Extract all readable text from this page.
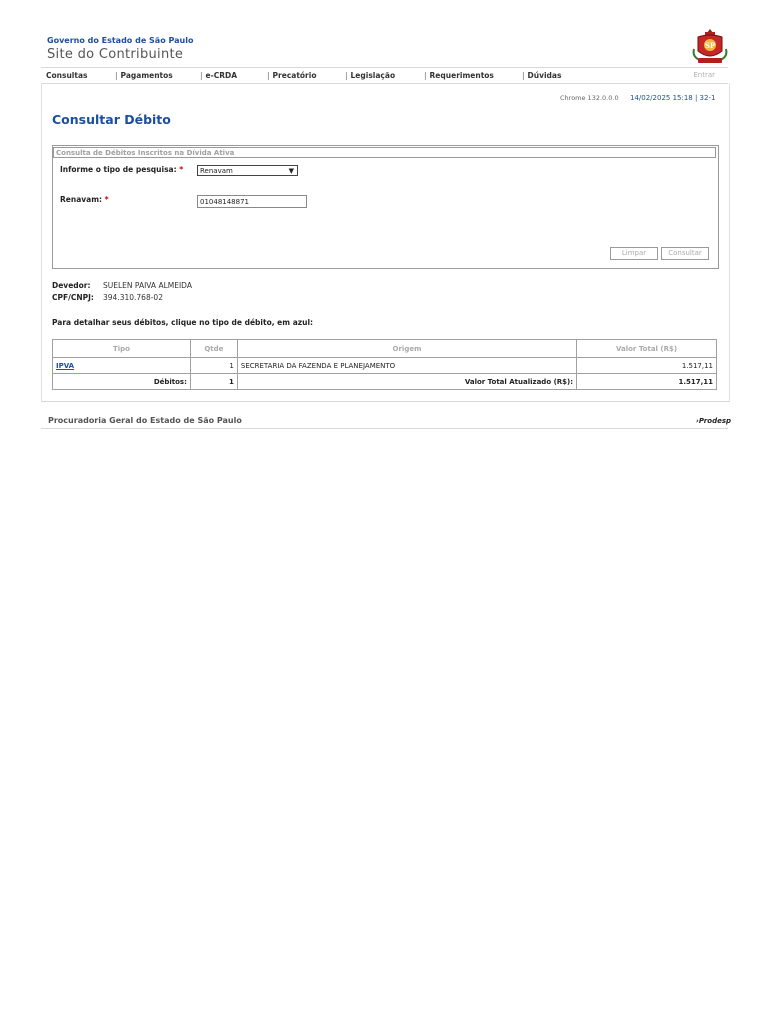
Governo do Estado de São Paulo
Site do Contribuinte
SP
Consultas	| Pagamentos	| e-CRDA	| Precatório	| Legislação	| Requerimentos	| Dúvidas	Entrar
Chrome 132.0.0.0 14/02/2025 15:18 | 32-1
Consultar Débito
Consulta de Débitos Inscritos na Dívida Ativa
Informe o tipo de pesquisa: *	Renavam	▼
Renavam: *	01048148871
Limpar	Consultar
Devedor: SUELEN PAIVA ALMEIDA
CPF/CNPJ: 394.310.768-02
Para detalhar seus débitos, clique no tipo de débito, em azul:
Tipo	Qtde	Origem	Valor Total (R$)
IPVA	1	SECRETARIA DA FAZENDA E PLANEJAMENTO	1.517,11
Débitos:	1	Valor Total Atualizado (R$):	1.517,11
Procuradoria Geral do Estado de São Paulo	›Prodesp
